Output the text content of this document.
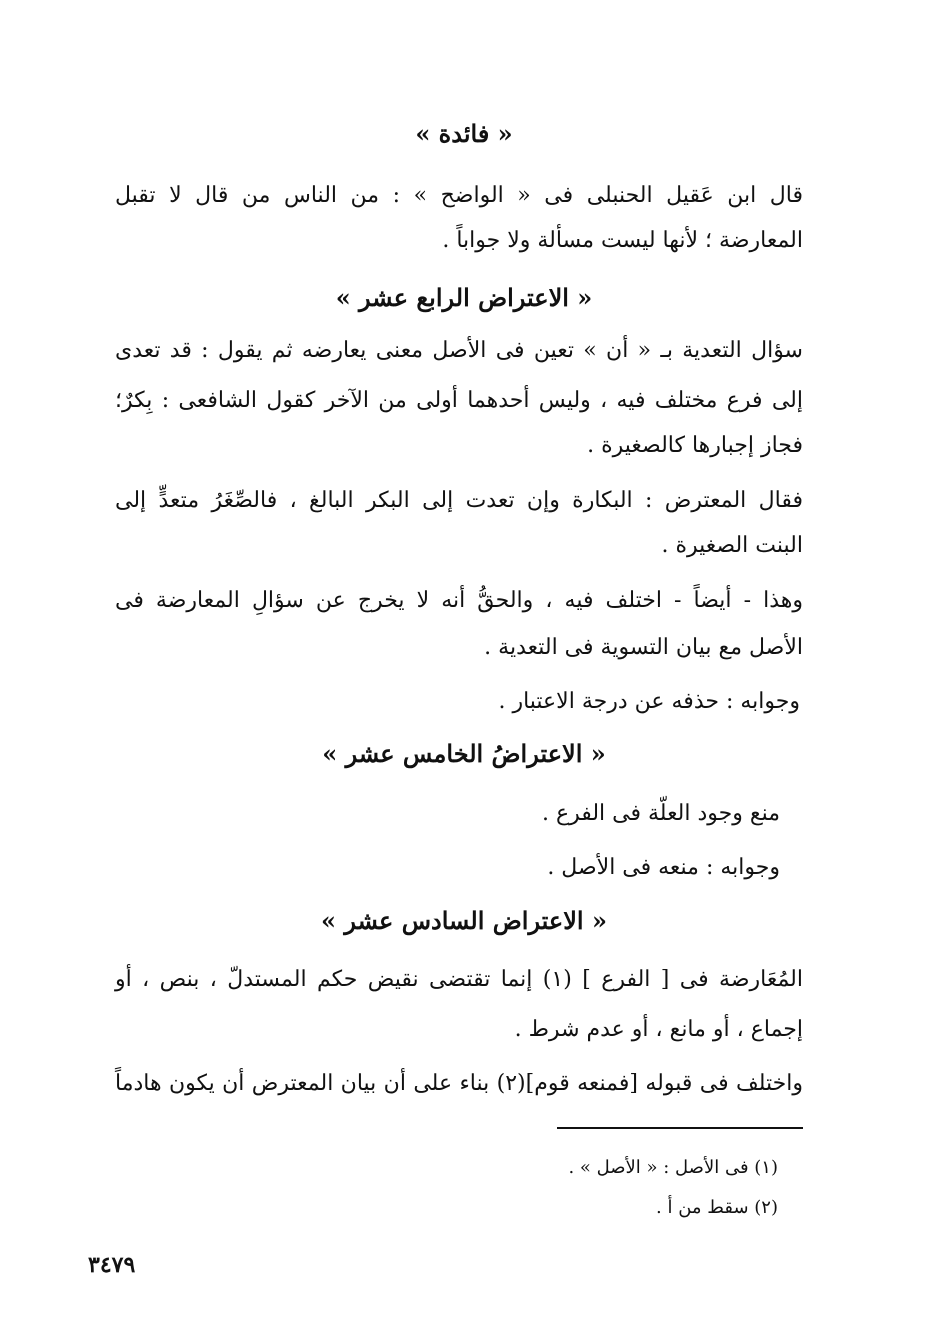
« فائدة »
قال ابن عَقيل الحنبلى فى « الواضح » : من الناس من قال لا تقبل
المعارضة ؛ لأنها ليست مسألة ولا جواباً .
« الاعتراض الرابع عشر »
سؤال التعدية بـ « أن » تعين فى الأصل معنى يعارضه ثم يقول : قد تعدى
إلى فرع مختلف فيه ، وليس أحدهما أولى من الآخر كقول الشافعى : بِكرٌ؛
فجاز إجبارها كالصغيرة .
فقال المعترض : البكارة وإن تعدت إلى البكر البالغ ، فالصِّغَرُ متعدٍّ إلى
البنت الصغيرة .
وهذا - أيضاً - اختلف فيه ، والحقُّ أنه لا يخرج عن سؤالِ المعارضة فى
الأصل مع بيان التسوية فى التعدية .
وجوابه : حذفه عن درجة الاعتبار .
« الاعتراضُ الخامس عشر »
منع وجود العلّة فى الفرع .
وجوابه : منعه فى الأصل .
« الاعتراض السادس عشر »
المُعَارضة فى [ الفرع ] (١) إنما تقتضى نقيض حكم المستدلّ ، بنص ، أو
إجماع ، أو مانع ، أو عدم شرط .
واختلف فى قبوله [فمنعه قوم](٢) بناء على أن بيان المعترض أن يكون هادماً
(١) فى الأصل : « الأصل » .
(٢) سقط من أ .
٣٤٧٩
